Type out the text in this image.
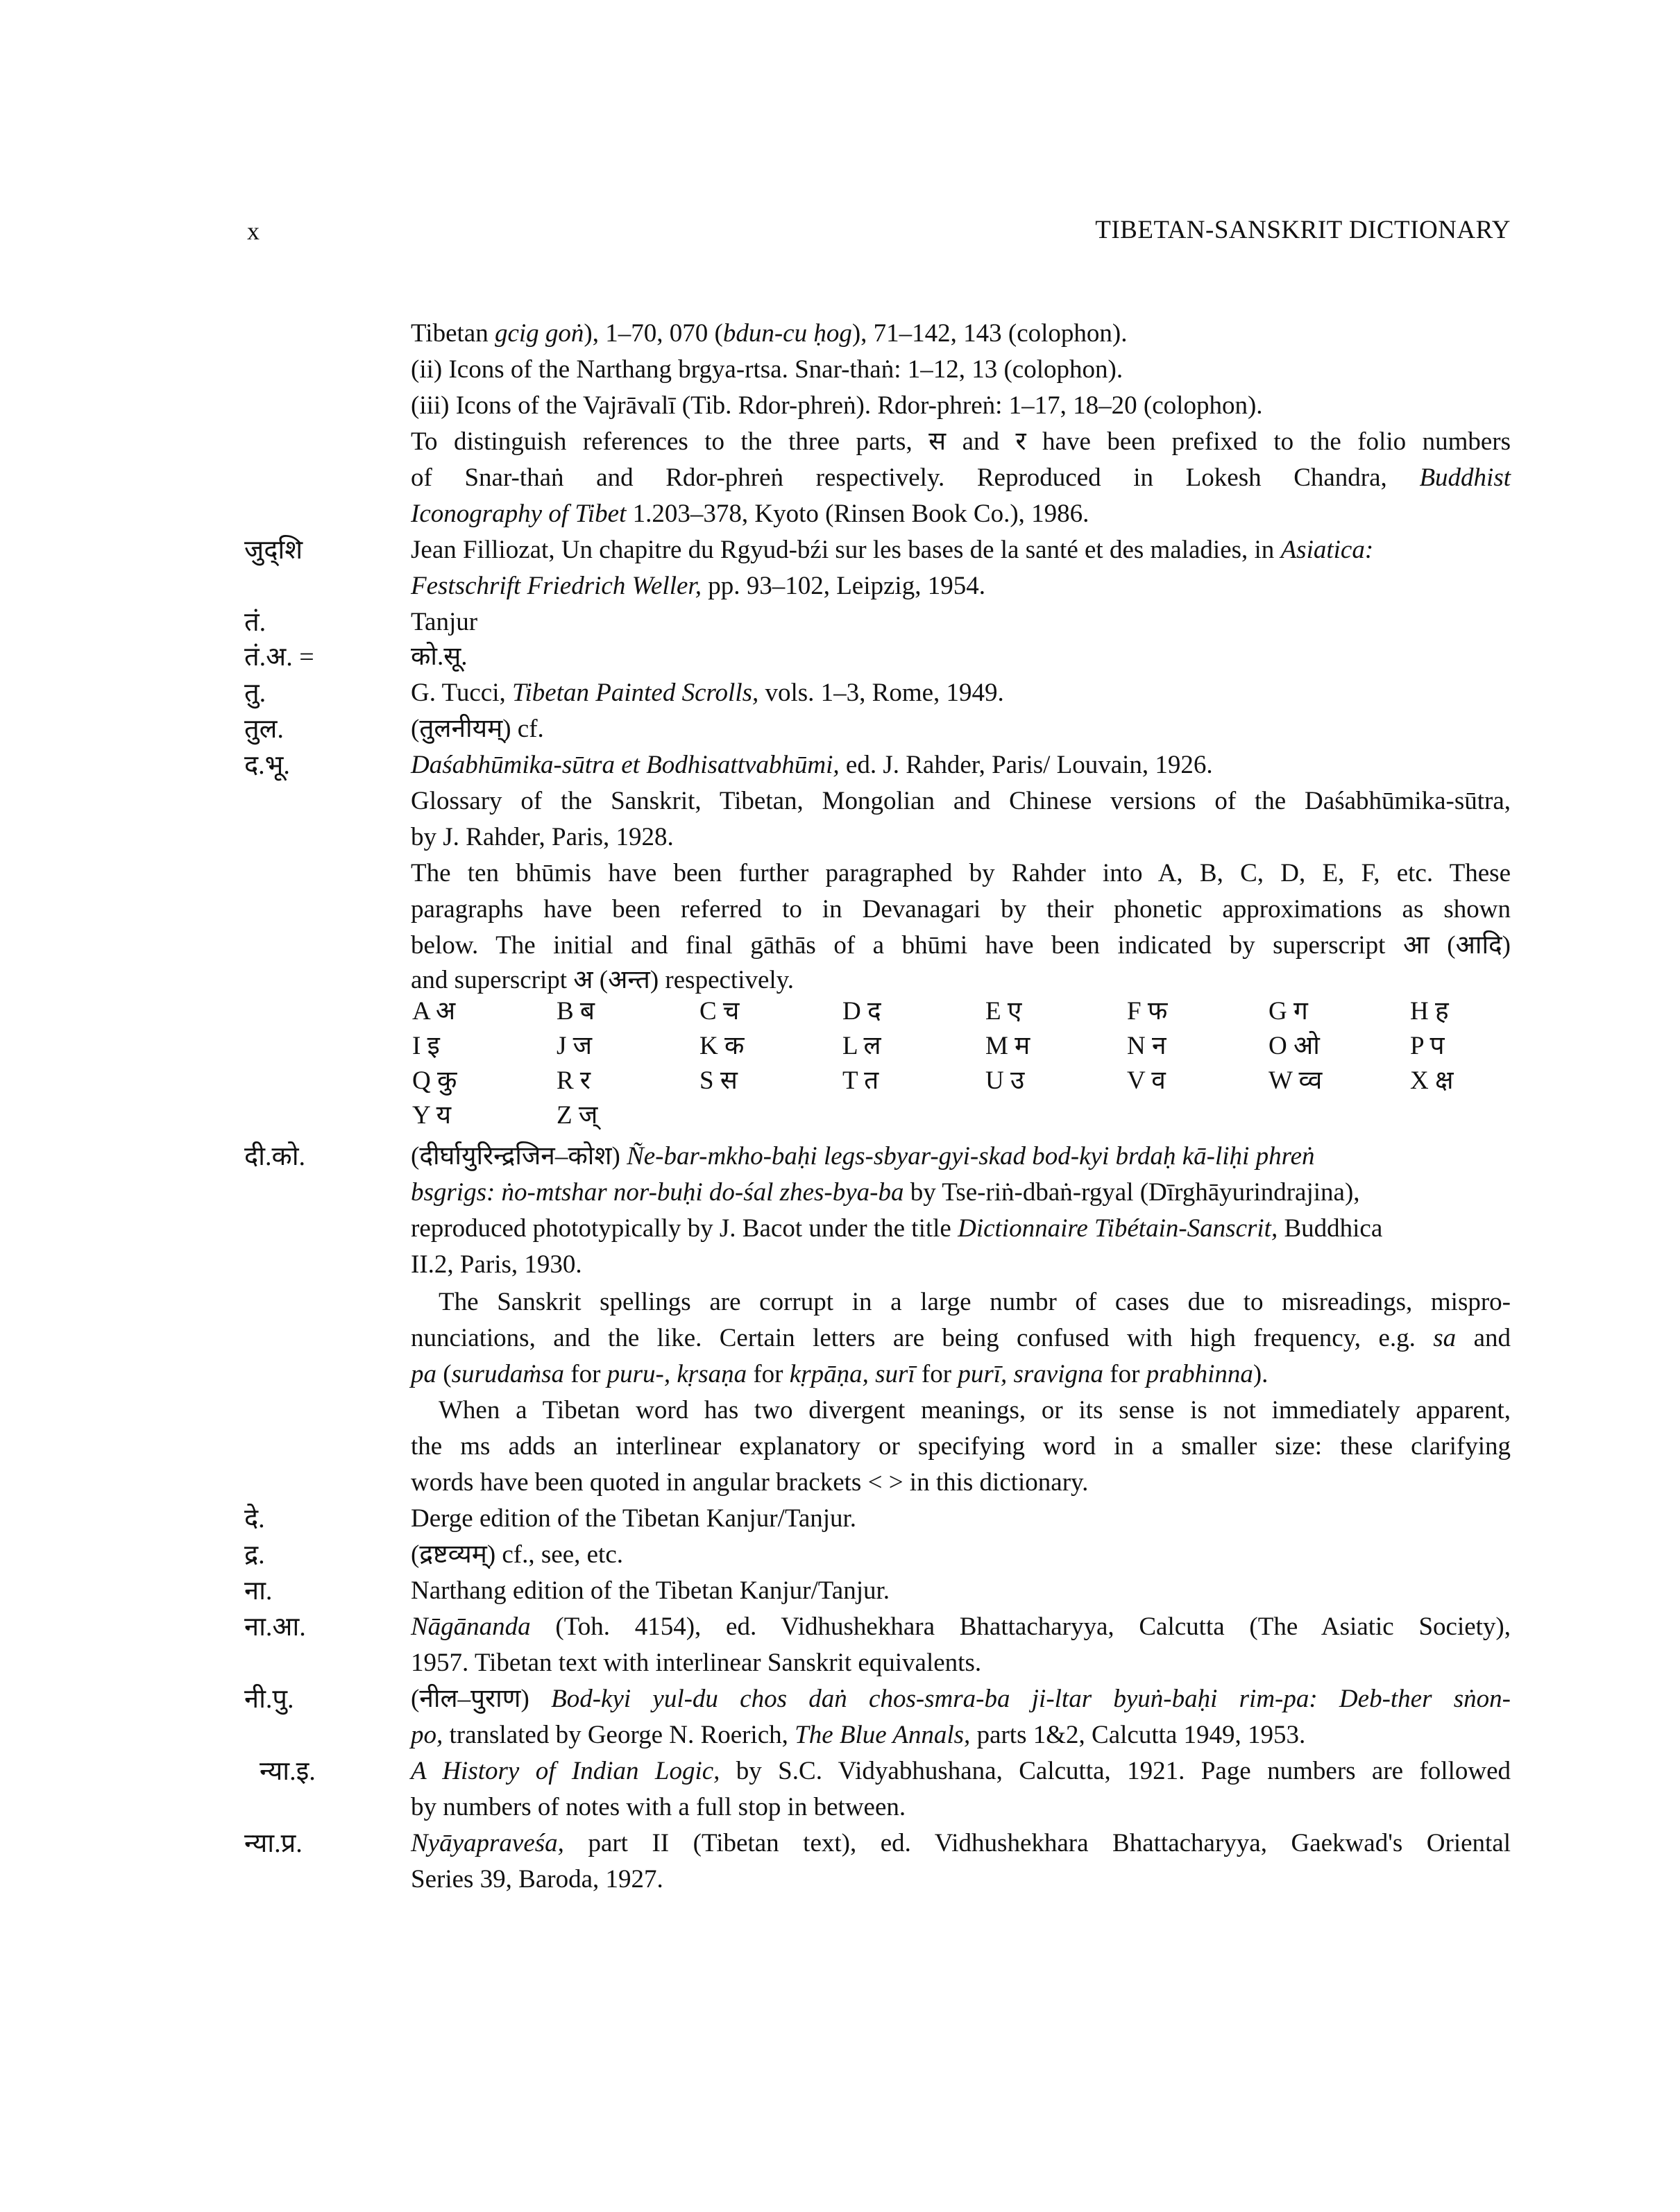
x	TIBETAN-SANSKRIT DICTIONARY
Tibetan gcig goṅ), 1–70, 070 (bdun-cu ḥog), 71–142, 143 (colophon).
(ii) Icons of the Narthang brgya-rtsa. Snar-thaṅ: 1–12, 13 (colophon).
(iii) Icons of the Vajrāvalī (Tib. Rdor-phreṅ). Rdor-phreṅ: 1–17, 18–20 (colophon).
To distinguish references to the three parts, स and र have been prefixed to the folio numbers
of Snar-thaṅ and Rdor-phreṅ respectively. Reproduced in Lokesh Chandra, Buddhist
Iconography of Tibet 1.203–378, Kyoto (Rinsen Book Co.), 1986.
जुद्‌शि	Jean Filliozat, Un chapitre du Rgyud-bźi sur les bases de la santé et des maladies, in Asiatica:
Festschrift Friedrich Weller, pp. 93–102, Leipzig, 1954.
तं.	Tanjur
तं.अ. =	को.सू.
तु.	G. Tucci, Tibetan Painted Scrolls, vols. 1–3, Rome, 1949.
तुल.	(तुलनीयम्) cf.
द.भू.	Daśabhūmika-sūtra et Bodhisattvabhūmi, ed. J. Rahder, Paris/ Louvain, 1926.
Glossary of the Sanskrit, Tibetan, Mongolian and Chinese versions of the Daśabhūmika-sūtra,
by J. Rahder, Paris, 1928.
The ten bhūmis have been further paragraphed by Rahder into A, B, C, D, E, F, etc. These
paragraphs have been referred to in Devanagari by their phonetic approximations as shown
below. The initial and final gāthās of a bhūmi have been indicated by superscript आ (आदि)
and superscript अ (अन्त) respectively.
A अ	B ब	C च	D द	E ए	F फ	G ग	H ह
I इ	J ज	K क	L ल	M म	N न	O ओ	P प
Q कु	R र	S स	T त	U उ	V व	W व्व	X क्ष
Y य	Z ज्
दी.को.	(दीर्घायुरिन्द्रजिन–कोश) Ñe-bar-mkho-baḥi legs-sbyar-gyi-skad bod-kyi brdaḥ kā-liḥi phreṅ
bsgrigs: ṅo-mtshar nor-buḥi do-śal zhes-bya-ba by Tse-riṅ-dbaṅ-rgyal (Dīrghāyurindrajina),
reproduced phototypically by J. Bacot under the title Dictionnaire Tibétain-Sanscrit, Buddhica
II.2, Paris, 1930.
The Sanskrit spellings are corrupt in a large numbr of cases due to misreadings, mispro-
nunciations, and the like. Certain letters are being confused with high frequency, e.g. sa and
pa (surudaṁsa for puru-, kṛsaṇa for kṛpāṇa, surī for purī, sravigna for prabhinna).
When a Tibetan word has two divergent meanings, or its sense is not immediately apparent,
the ms adds an interlinear explanatory or specifying word in a smaller size: these clarifying
words have been quoted in angular brackets < > in this dictionary.
दे.	Derge edition of the Tibetan Kanjur/Tanjur.
द्र.	(द्रष्टव्यम्) cf., see, etc.
ना.	Narthang edition of the Tibetan Kanjur/Tanjur.
ना.आ.	Nāgānanda (Toh. 4154), ed. Vidhushekhara Bhattacharyya, Calcutta (The Asiatic Society),
1957. Tibetan text with interlinear Sanskrit equivalents.
नी.पु.	(नील–पुराण) Bod-kyi yul-du chos daṅ chos-smra-ba ji-ltar byuṅ-baḥi rim-pa: Deb-ther sṅon-
po, translated by George N. Roerich, The Blue Annals, parts 1&2, Calcutta 1949, 1953.
न्या.इ.	A History of Indian Logic, by S.C. Vidyabhushana, Calcutta, 1921. Page numbers are followed
by numbers of notes with a full stop in between.
न्या.प्र.	Nyāyapraveśa, part II (Tibetan text), ed. Vidhushekhara Bhattacharyya, Gaekwad's Oriental
Series 39, Baroda, 1927.
